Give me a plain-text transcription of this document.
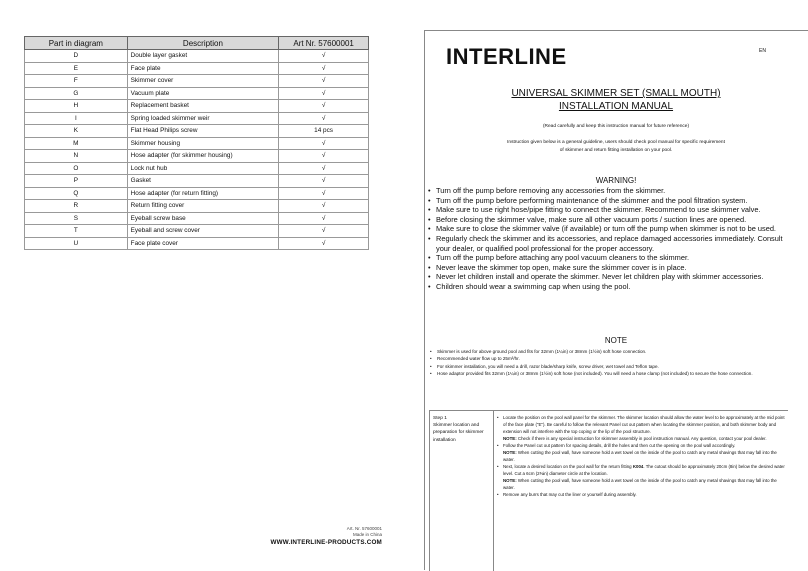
Part in diagram	Description	Art Nr. 57600001
D	Double layer gasket	√
E	Face plate	√
F	Skimmer cover	√
G	Vacuum plate	√
H	Replacement basket	√
I	Spring loaded skimmer weir	√
K	Flat Head Philips screw	14 pcs
M	Skimmer housing	√
N	Hose adapter (for skimmer housing)	√
O	Lock nut hub	√
P	Gasket	√
Q	Hose adapter (for return fitting)	√
R	Return fitting cover	√
S	Eyeball screw base	√
T	Eyeball and screw cover	√
U	Face plate cover	√
Art. Nr. 57600001
Made in China
WWW.INTERLINE-PRODUCTS.COM
INTERLINE	EN
UNIVERSAL SKIMMER SET (SMALL MOUTH)
INSTALLATION MANUAL
(Read carefully and keep this instruction manual for future reference)
Instruction given below is a general guideline, users should check pool manual for specific requirement
of skimmer and return fitting installation on your pool.
WARNING!
• Turn off the pump before removing any accessories from the skimmer.
• Turn off the pump before performing maintenance of the skimmer and the pool filtration system.
• Make sure to use right hose/pipe fitting to connect the skimmer. Recommend to use skimmer valve.
• Before closing the skimmer valve, make sure all other vacuum ports / suction lines are opened.
• Make sure to close the skimmer valve (if available) or turn off the pump when skimmer is not to be used.
• Regularly check the skimmer and its accessories, and replace damaged accessories immediately. Consult your dealer, or qualified pool professional for the proper accessory.
• Turn off the pump before attaching any pool vacuum cleaners to the skimmer.
• Never leave the skimmer top open, make sure the skimmer cover is in place.
• Never let children install and operate the skimmer. Never let children play with skimmer accessories.
• Children should wear a swimming cap when using the pool.
NOTE
• Skimmer is used for above ground pool and fits for 32mm (1¼in) or 38mm (1½in) soft hose connection.
• Recommended water flow up to 25m³/hr.
• For skimmer installation, you will need a drill, razor blade/sharp knife, screw driver, wet towel and Teflon tape.
• Hose adaptor provided fits 32mm (1¼in) or 38mm (1½in) soft hose (not included). You will need a hose clamp (not included) to secure the hose connection.
Step 1
Skimmer location and preparation for skimmer installation
• Locate the position on the pool wall panel for the skimmer. The skimmer location should allow the water level to be approximately at the mid point of the face plate ("E"). Be careful to follow the relevant Panel cut out pattern when locating the skimmer position, and both skimmer body and extension will not interfere with the top coping or the lip of the pool structure.
NOTE: Check if there is any special instruction for skimmer assembly in pool instruction manual. Any question, contact your pool dealer.
• Follow the Panel cut out pattern for spacing details, drill the holes and then cut the opening on the pool wall accordingly.
NOTE: When cutting the pool wall, have someone hold a wet towel on the inside of the pool to catch any metal shavings that may fall into the water.
• Next, locate a desired location on the pool wall for the return fitting K004. The cutout should be approximately 20cm (8in) below the desired water level. Cut a 6cm (2⅜in) diameter circle at the location.
NOTE: When cutting the pool wall, have someone hold a wet towel on the inside of the pool to catch any metal shavings that may fall into the water.
• Remove any burrs that may cut the liner or yourself during assembly.
